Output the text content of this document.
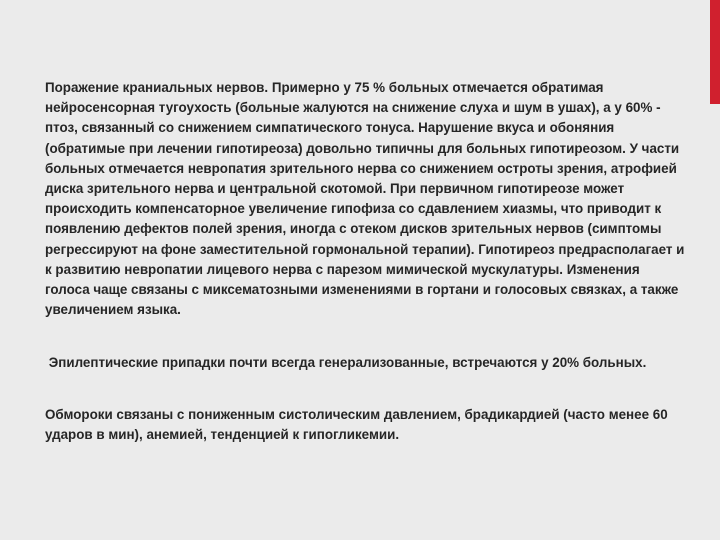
Поражение краниальных нервов. Примерно у 75 % больных отмечается обратимая нейросенсорная тугоухость (больные жалуются на снижение слуха и шум в ушах), а у 60% - птоз, связанный со снижением симпатического тонуса. Нарушение вкуса и обоняния (обратимые при лечении гипотиреоза) довольно типичны для больных гипотиреозом. У части больных отмечается невропатия зрительного нерва со снижением остроты зрения, атрофией диска зрительного нерва и центральной скотомой. При первичном гипотиреозе может происходить компенсаторное увеличение гипофиза со сдавлением хиазмы, что приводит к появлению дефектов полей зрения, иногда с отеком дисков зрительных нервов (симптомы регрессируют на фоне заместительной гормональной терапии). Гипотиреоз предрасполагает и к развитию невропатии лицевого нерва с парезом мимической мускулатуры. Изменения голоса чаще связаны с миксематозными изменениями в гортани и голосовых связках, а также увеличением языка.

Эпилептические припадки почти всегда генерализованные, встречаются у 20% больных.

Обмороки связаны с пониженным систолическим давлением, брадикардией (часто менее 60 ударов в мин), анемией, тенденцией к гипогликемии.
